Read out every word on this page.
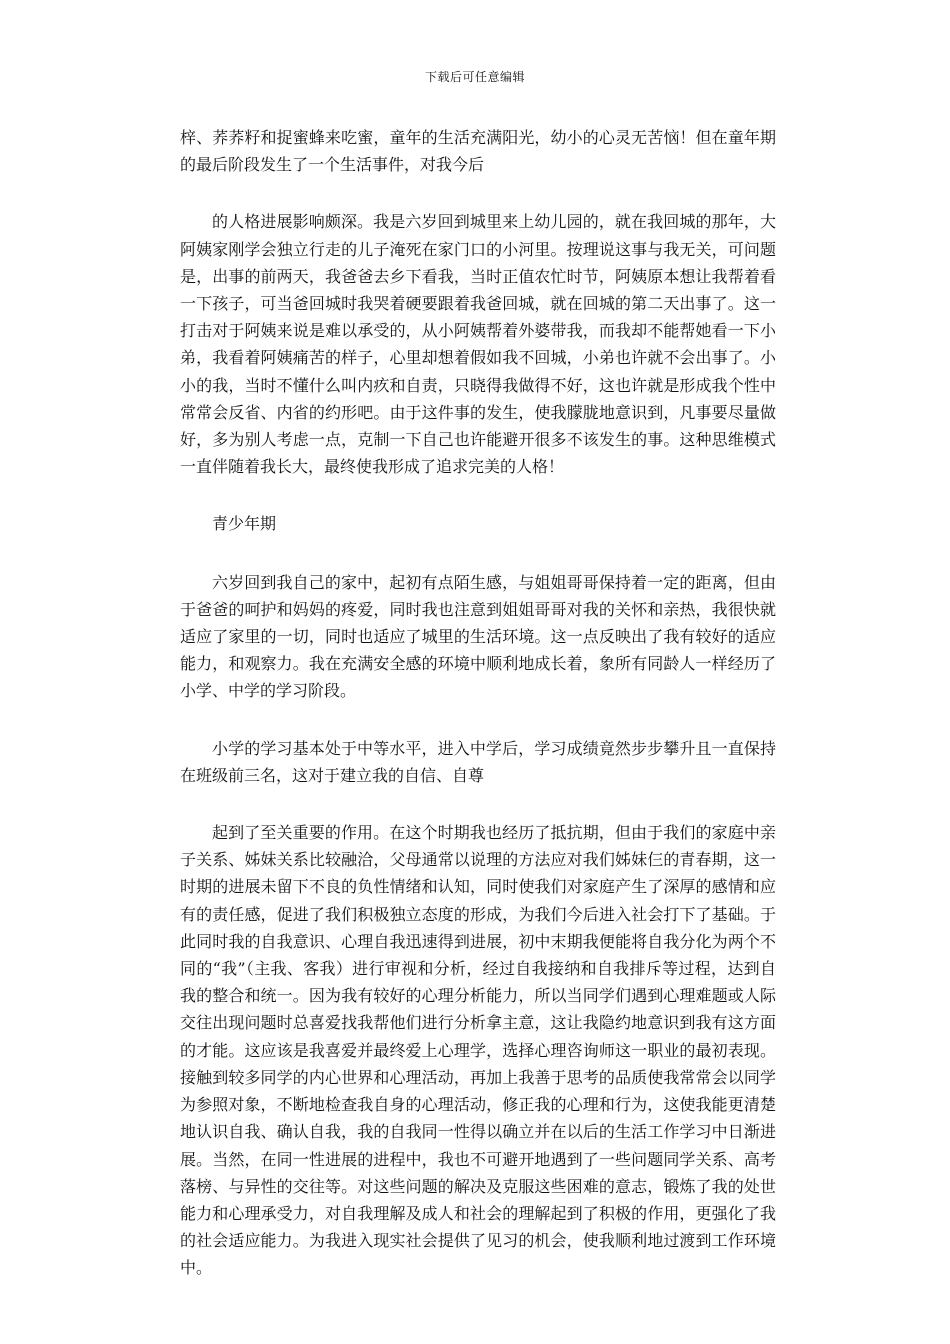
下载后可任意编辑

梓、荞荞籽和捉蜜蜂来吃蜜，童年的生活充满阳光，幼小的心灵无苦恼！但在童年期的最后阶段发生了一个生活事件，对我今后

的人格进展影响颇深。我是六岁回到城里来上幼儿园的，就在我回城的那年，大阿姨家刚学会独立行走的儿子淹死在家门口的小河里。按理说这事与我无关，可问题是，出事的前两天，我爸爸去乡下看我，当时正值农忙时节，阿姨原本想让我帮着看一下孩子，可当爸回城时我哭着硬要跟着我爸回城，就在回城的第二天出事了。这一打击对于阿姨来说是难以承受的，从小阿姨帮着外婆带我，而我却不能帮她看一下小弟，我看着阿姨痛苦的样子，心里却想着假如我不回城，小弟也许就不会出事了。小小的我，当时不懂什么叫内疚和自责，只晓得我做得不好，这也许就是形成我个性中常常会反省、内省的约形吧。由于这件事的发生，使我朦胧地意识到，凡事要尽量做好，多为别人考虑一点，克制一下自己也许能避开很多不该发生的事。这种思维模式一直伴随着我长大，最终使我形成了追求完美的人格！

青少年期

六岁回到我自己的家中，起初有点陌生感，与姐姐哥哥保持着一定的距离，但由于爸爸的呵护和妈妈的疼爱，同时我也注意到姐姐哥哥对我的关怀和亲热，我很快就适应了家里的一切，同时也适应了城里的生活环境。这一点反映出了我有较好的适应能力，和观察力。我在充满安全感的环境中顺利地成长着，象所有同龄人一样经历了小学、中学的学习阶段。

小学的学习基本处于中等水平，进入中学后，学习成绩竟然步步攀升且一直保持在班级前三名，这对于建立我的自信、自尊

起到了至关重要的作用。在这个时期我也经历了抵抗期，但由于我们的家庭中亲子关系、姊妹关系比较融洽，父母通常以说理的方法应对我们姊妹仨的青春期，这一时期的进展未留下不良的负性情绪和认知，同时使我们对家庭产生了深厚的感情和应有的责任感，促进了我们积极独立态度的形成，为我们今后进入社会打下了基础。于此同时我的自我意识、心理自我迅速得到进展，初中末期我便能将自我分化为两个不同的“我”（主我、客我）进行审视和分析，经过自我接纳和自我排斥等过程，达到自我的整合和统一。因为我有较好的心理分析能力，所以当同学们遇到心理难题或人际交往出现问题时总喜爱找我帮他们进行分析拿主意，这让我隐约地意识到我有这方面的才能。这应该是我喜爱并最终爱上心理学，选择心理咨询师这一职业的最初表现。接触到较多同学的内心世界和心理活动，再加上我善于思考的品质使我常常会以同学为参照对象，不断地检查我自身的心理活动，修正我的心理和行为，这使我能更清楚地认识自我、确认自我，我的自我同一性得以确立并在以后的生活工作学习中日渐进展。当然，在同一性进展的进程中，我也不可避开地遇到了一些问题同学关系、高考落榜、与异性的交往等。对这些问题的解决及克服这些困难的意志，锻炼了我的处世能力和心理承受力，对自我理解及成人和社会的理解起到了积极的作用，更强化了我的社会适应能力。为我进入现实社会提供了见习的机会，使我顺利地过渡到工作环境中。
